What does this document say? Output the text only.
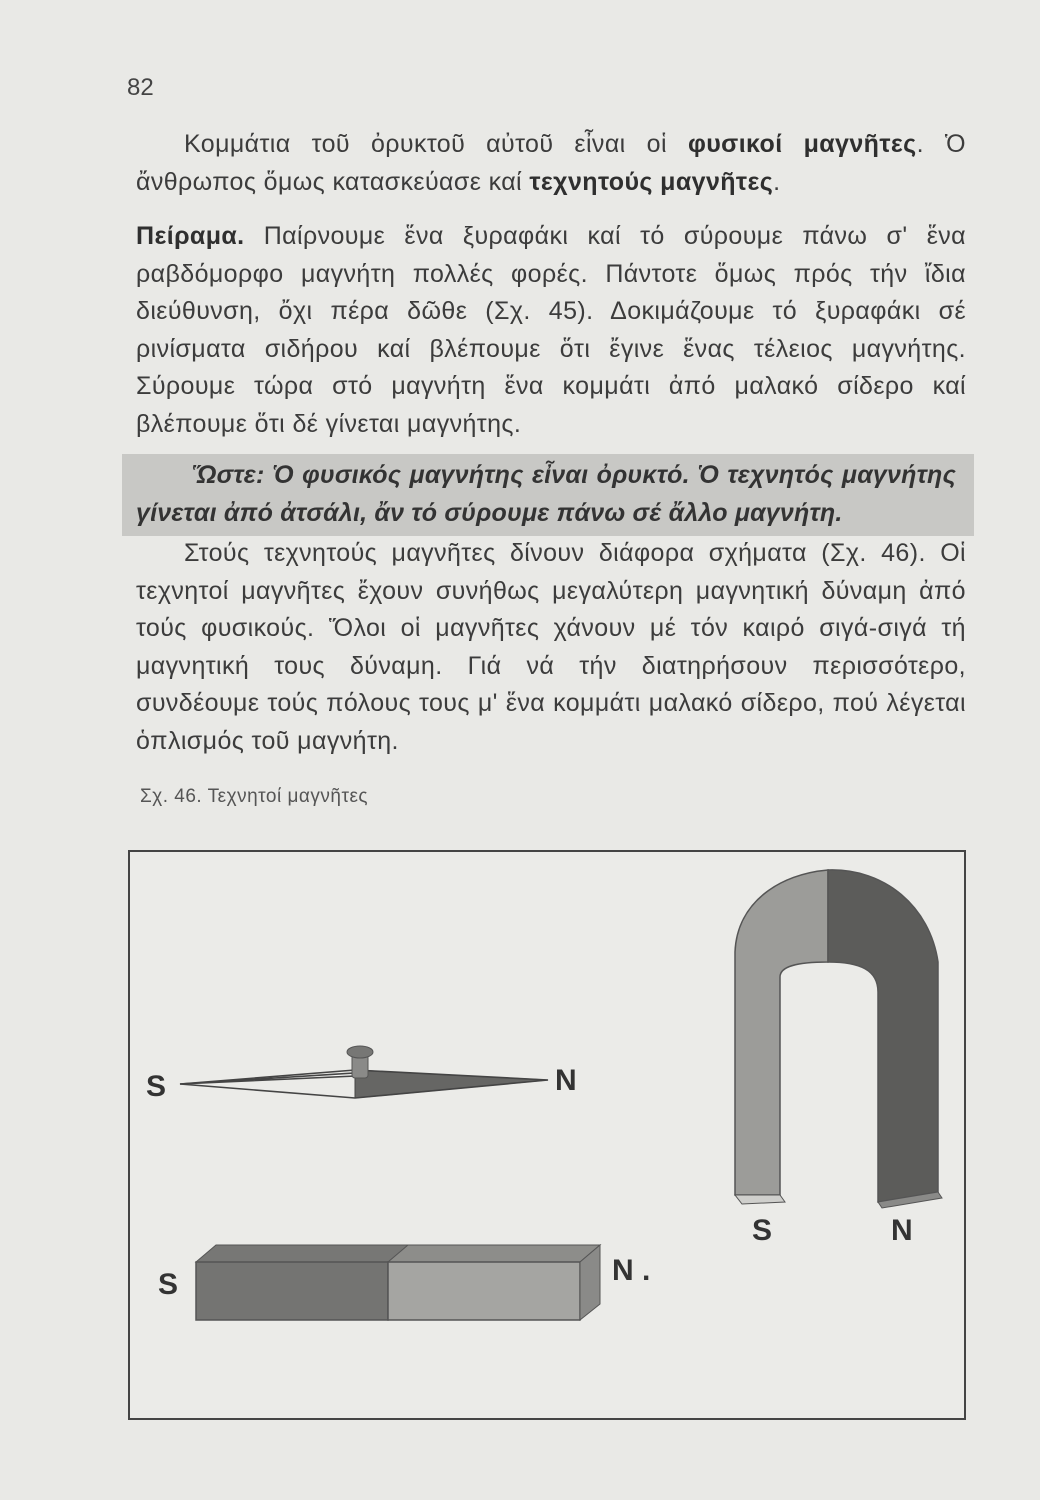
82
Κομμάτια τοῦ ὀρυκτοῦ αὐτοῦ εἶναι οἱ φυσικοί μαγνῆτες. Ὁ ἄνθρωπος ὅμως κατασκεύασε καί τεχνητούς μαγνῆτες.
Πείραμα. Παίρνουμε ἕνα ξυραφάκι καί τό σύρουμε πάνω σ' ἕνα ραβδόμορφο μαγνήτη πολλές φορές. Πάντοτε ὅμως πρός τήν ἴδια διεύθυνση, ὄχι πέρα δῶθε (Σχ. 45). Δοκιμάζουμε τό ξυραφάκι σέ ρινίσματα σιδήρου καί βλέπουμε ὅτι ἔγινε ἕνας τέλειος μαγνήτης. Σύρουμε τώρα στό μαγνήτη ἕνα κομμάτι ἀπό μαλακό σίδερο καί βλέπουμε ὅτι δέ γίνεται μαγνήτης.
Ὥστε: Ὁ φυσικός μαγνήτης εἶναι ὀρυκτό. Ὁ τεχνητός μαγνήτης γίνεται ἀπό ἀτσάλι, ἄν τό σύρουμε πάνω σέ ἄλλο μαγνήτη.
Στούς τεχνητούς μαγνῆτες δίνουν διάφορα σχήματα (Σχ. 46). Οἱ τεχνητοί μαγνῆτες ἔχουν συνήθως μεγαλύτερη μαγνητική δύναμη ἀπό τούς φυσικούς. Ὅλοι οἱ μαγνῆτες χάνουν μέ τόν καιρό σιγά-σιγά τή μαγνητική τους δύναμη. Γιά νά τήν διατηρήσουν περισσότερο, συνδέουμε τούς πόλους τους μ' ἕνα κομμάτι μαλακό σίδερο, πού λέγεται ὁπλισμός τοῦ μαγνήτη.
Σχ. 46. Τεχνητοί μαγνῆτες
S	N
S	N
S	N .
